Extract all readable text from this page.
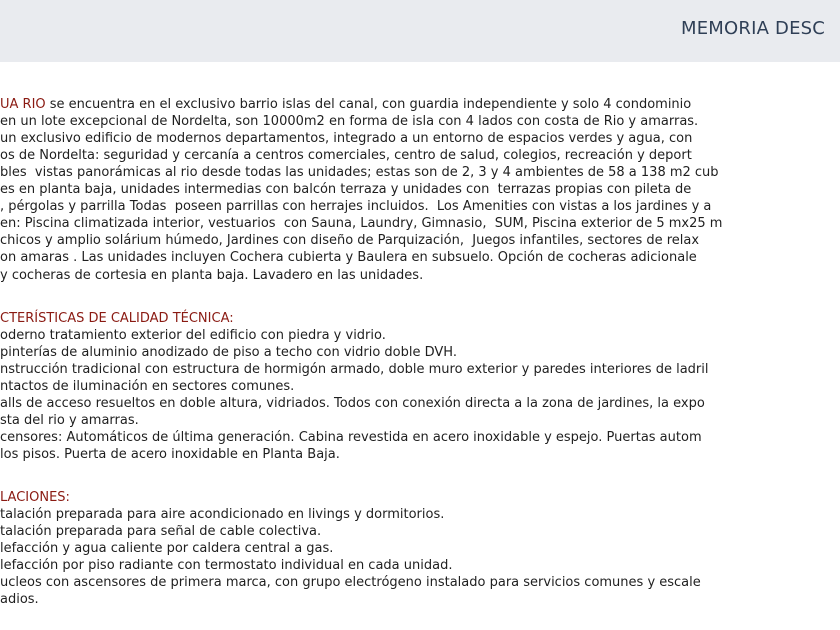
MEMORIA DESC
UA RIO se encuentra en el exclusivo barrio islas del canal, con guardia independiente y solo 4 condominio
en un lote excepcional de Nordelta, son 10000m2 en forma de isla con 4 lados con costa de Rio y amarras.
un exclusivo edificio de modernos departamentos, integrado a un entorno de espacios verdes y agua, con
os de Nordelta: seguridad y cercanía a centros comerciales, centro de salud, colegios, recreación y deport
bles  vistas panorámicas al rio desde todas las unidades; estas son de 2, 3 y 4 ambientes de 58 a 138 m2 cub
es en planta baja, unidades intermedias con balcón terraza y unidades con  terrazas propias con pileta de
, pérgolas y parrilla Todas  poseen parrillas con herrajes incluidos.  Los Amenities con vistas a los jardines y a
en: Piscina climatizada interior, vestuarios  con Sauna, Laundry, Gimnasio,  SUM, Piscina exterior de 5 mx25 m
chicos y amplio solárium húmedo, Jardines con diseño de Parquización,  Juegos infantiles, sectores de relax
on amaras . Las unidades incluyen Cochera cubierta y Baulera en subsuelo. Opción de cocheras adicionale
y cocheras de cortesia en planta baja. Lavadero en las unidades.
CTERÍSTICAS DE CALIDAD TÉCNICA:
oderno tratamiento exterior del edificio con piedra y vidrio.
pinterías de aluminio anodizado de piso a techo con vidrio doble DVH.
nstrucción tradicional con estructura de hormigón armado, doble muro exterior y paredes interiores de ladril
ntactos de iluminación en sectores comunes.
alls de acceso resueltos en doble altura, vidriados. Todos con conexión directa a la zona de jardines, la expo
sta del rio y amarras.
censores: Automáticos de última generación. Cabina revestida en acero inoxidable y espejo. Puertas autom
los pisos. Puerta de acero inoxidable en Planta Baja.
LACIONES:
talación preparada para aire acondicionado en livings y dormitorios.
talación preparada para señal de cable colectiva.
lefacción y agua caliente por caldera central a gas.
lefacción por piso radiante con termostato individual en cada unidad.
ucleos con ascensores de primera marca, con grupo electrógeno instalado para servicios comunes y escale
adios.
